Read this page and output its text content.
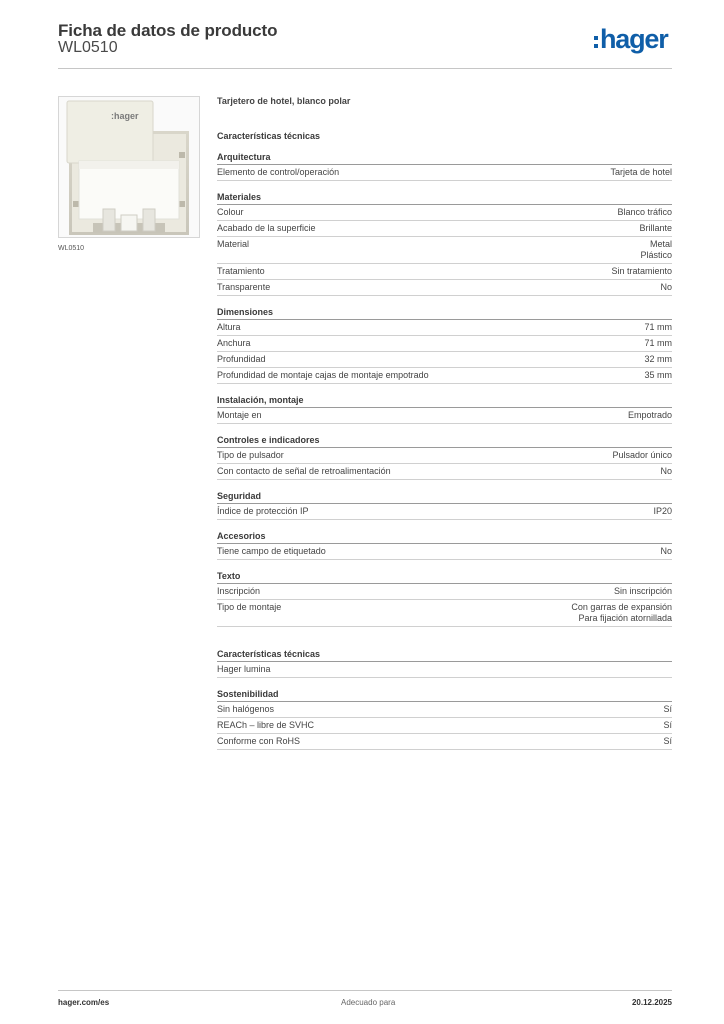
Ficha de datos de producto
WL0510	hager
:hager
WL0510
Tarjetero de hotel, blanco polar
Características técnicas
Arquitectura
Elemento de control/operación	Tarjeta de hotel
Materiales
Colour	Blanco tráfico
Acabado de la superficie	Brillante
Material	Metal
Plástico
Tratamiento	Sin tratamiento
Transparente	No
Dimensiones
Altura	71 mm
Anchura	71 mm
Profundidad	32 mm
Profundidad de montaje cajas de montaje empotrado	35 mm
Instalación, montaje
Montaje en	Empotrado
Controles e indicadores
Tipo de pulsador	Pulsador único
Con contacto de señal de retroalimentación	No
Seguridad
Índice de protección IP	IP20
Accesorios
Tiene campo de etiquetado	No
Texto
Inscripción	Sin inscripción
Tipo de montaje	Con garras de expansión
Para fijación atornillada
Características técnicas
Hager lumina
Sostenibilidad
Sin halógenos	Sí
REACh – libre de SVHC	Sí
Conforme con RoHS	Sí
hager.com/es	Adecuado para	20.12.2025
